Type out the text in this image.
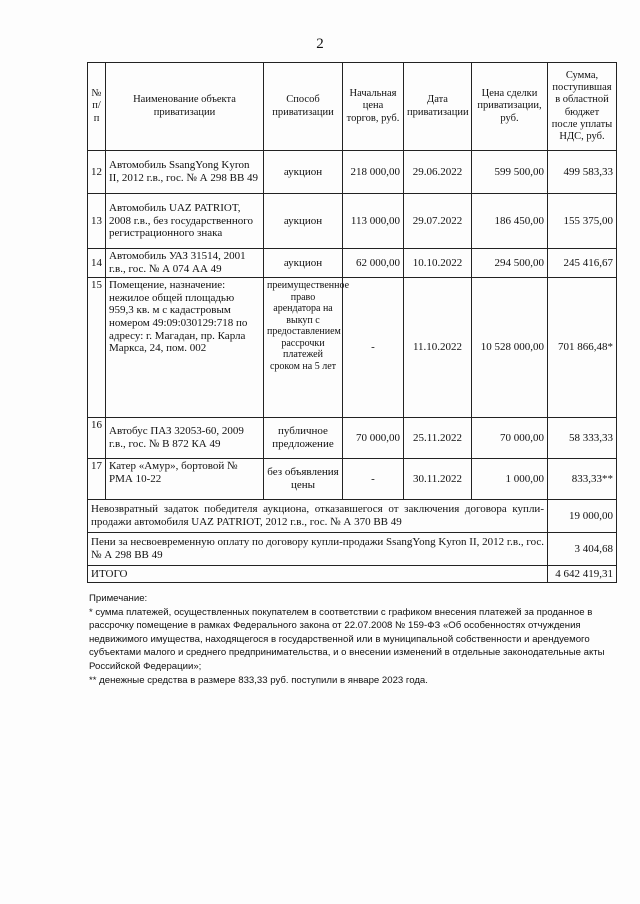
2
№ п/п	Наименование объекта приватизации	Способ приватизации	Начальная цена торгов, руб.	Дата приватизации	Цена сделки приватизации, руб.	Сумма, поступившая в областной бюджет после уплаты НДС, руб.
12	Автомобиль SsangYong Kyron II, 2012 г.в., гос. № А 298 ВВ 49	аукцион	218 000,00	29.06.2022	599 500,00	499 583,33
13	Автомобиль UAZ PATRIOT, 2008 г.в., без государственного регистрационного знака	аукцион	113 000,00	29.07.2022	186 450,00	155 375,00
14	Автомобиль УАЗ 31514, 2001 г.в., гос. № А 074 АА 49	аукцион	62 000,00	10.10.2022	294 500,00	245 416,67
15	Помещение, назначение: нежилое общей площадью 959,3 кв. м с кадастровым номером 49:09:030129:718 по адресу: г. Магадан, пр. Карла Маркса, 24, пом. 002	преимущественное право арендатора на выкуп с предоставлением рассрочки платежей сроком на 5 лет	-	11.10.2022	10 528 000,00	701 866,48*
16	Автобус ПАЗ 32053-60, 2009 г.в., гос. № В 872 КА 49	публичное предложение	70 000,00	25.11.2022	70 000,00	58 333,33
17	Катер «Амур», бортовой № РМА 10-22	без объявления цены	-	30.11.2022	1 000,00	833,33**
Невозвратный задаток победителя аукциона, отказавшегося от заключения договора купли-продажи автомобиля UAZ PATRIOT, 2012 г.в., гос. № А 370 ВВ 49						19 000,00
Пени за несвоевременную оплату по договору купли-продажи SsangYong Kyron II, 2012 г.в., гос. № А 298 ВВ 49						3 404,68
ИТОГО						4 642 419,31

Примечание:

* сумма платежей, осуществленных покупателем в соответствии с графиком внесения платежей за проданное в рассрочку помещение в рамках Федерального закона от 22.07.2008 № 159-ФЗ «Об особенностях отчуждения недвижимого имущества, находящегося в государственной или в муниципальной собственности и арендуемого субъектами малого и среднего предпринимательства, и о внесении изменений в отдельные законодательные акты Российской Федерации»;

** денежные средства в размере 833,33 руб. поступили в январе 2023 года.
